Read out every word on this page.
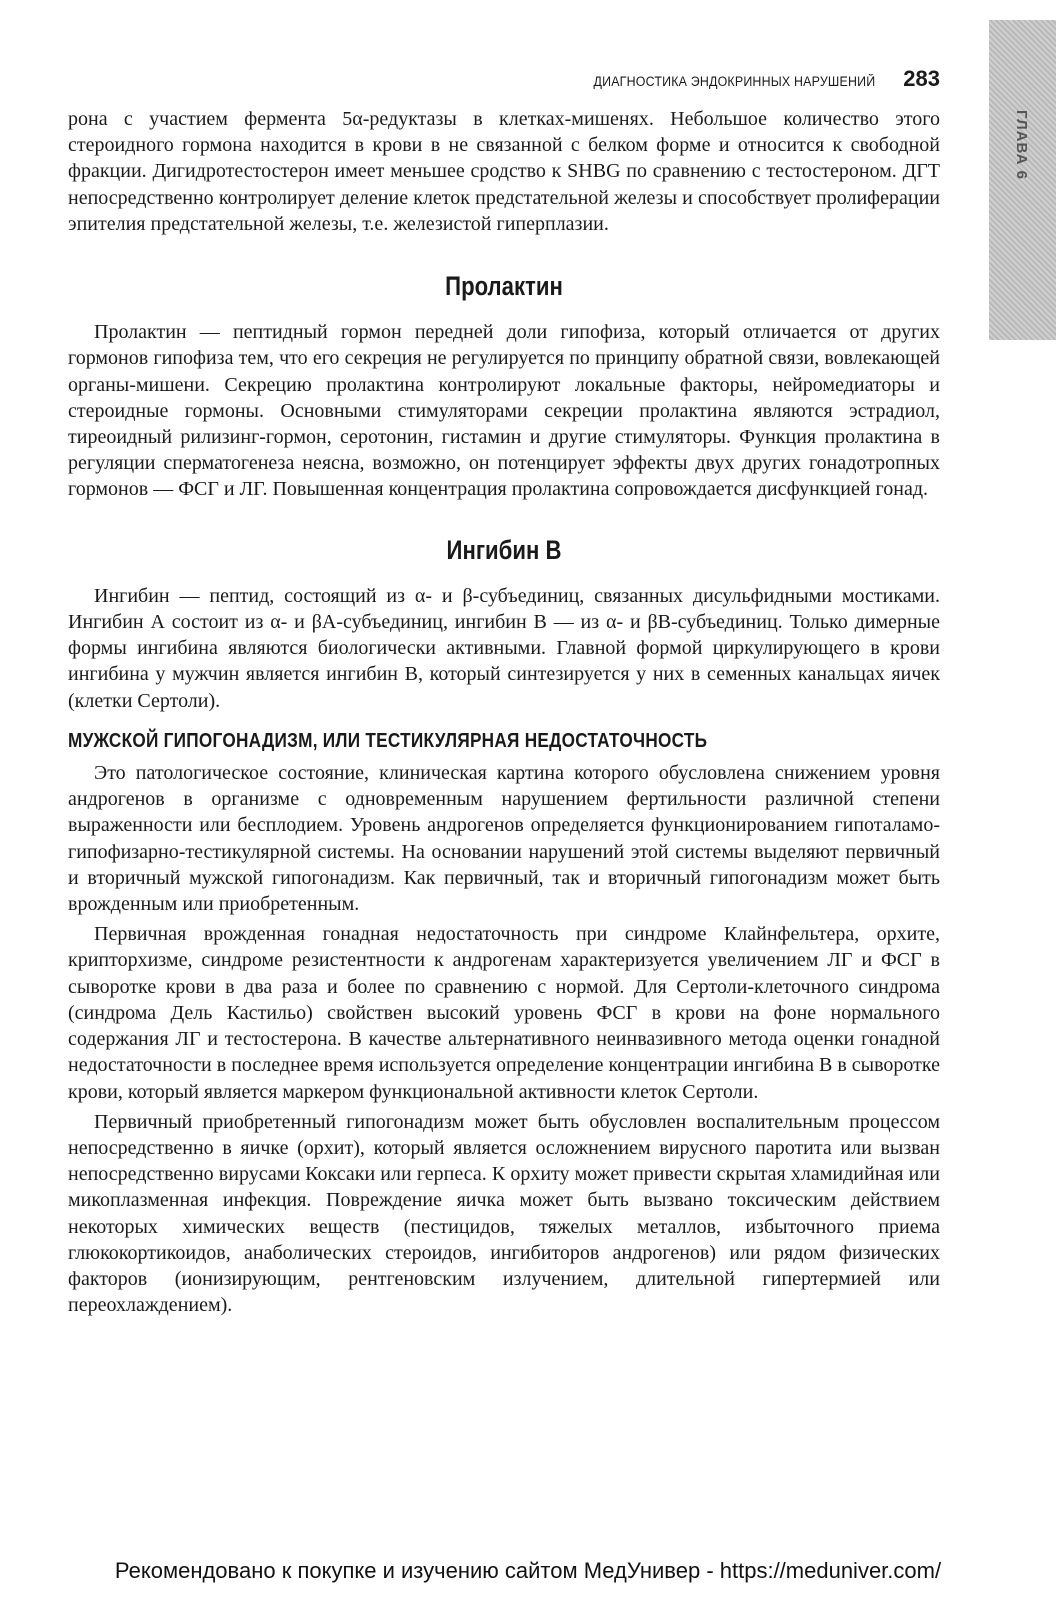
ГЛАВА 6
ДИАГНОСТИКА ЭНДОКРИННЫХ НАРУШЕНИЙ 283

рона с участием фермента 5α-редуктазы в клетках-мишенях. Небольшое количество этого стероидного гормона находится в крови в не связанной с белком форме и относится к свободной фракции. Дигидротестостерон имеет меньшее сродство к SHBG по сравнению с тестостероном. ДГТ непосредственно контролирует деление клеток предстательной железы и способствует пролиферации эпителия предстательной железы, т.е. железистой гиперплазии.

Пролактин

Пролактин — пептидный гормон передней доли гипофиза, который отличается от других гормонов гипофиза тем, что его секреция не регулируется по принципу обратной связи, вовлекающей органы-мишени. Секрецию пролактина контролируют локальные факторы, нейромедиаторы и стероидные гормоны. Основными стимуляторами секреции пролактина являются эстрадиол, тиреоидный рилизинг-гормон, серотонин, гистамин и другие стимуляторы. Функция пролактина в регуляции сперматогенеза неясна, возможно, он потенцирует эффекты двух других гонадотропных гормонов — ФСГ и ЛГ. Повышенная концентрация пролактина сопровождается дисфункцией гонад.

Ингибин В

Ингибин — пептид, состоящий из α- и β-субъединиц, связанных дисульфидными мостиками. Ингибин А состоит из α- и βА-субъединиц, ингибин В — из α- и βВ-субъединиц. Только димерные формы ингибина являются биологически активными. Главной формой циркулирующего в крови ингибина у мужчин является ингибин В, который синтезируется у них в семенных канальцах яичек (клетки Сертоли).

МУЖСКОЙ ГИПОГОНАДИЗМ, ИЛИ ТЕСТИКУЛЯРНАЯ НЕДОСТАТОЧНОСТЬ

Это патологическое состояние, клиническая картина которого обусловлена снижением уровня андрогенов в организме с одновременным нарушением фертильности различной степени выраженности или бесплодием. Уровень андрогенов определяется функционированием гипоталамо-гипофизарно-тестикулярной системы. На основании нарушений этой системы выделяют первичный и вторичный мужской гипогонадизм. Как первичный, так и вторичный гипогонадизм может быть врожденным или приобретенным.

Первичная врожденная гонадная недостаточность при синдроме Клайнфельтера, орхите, крипторхизме, синдроме резистентности к андрогенам характеризуется увеличением ЛГ и ФСГ в сыворотке крови в два раза и более по сравнению с нормой. Для Сертоли-клеточного синдрома (синдрома Дель Кастильо) свойствен высокий уровень ФСГ в крови на фоне нормального содержания ЛГ и тестостерона. В качестве альтернативного неинвазивного метода оценки гонадной недостаточности в последнее время используется определение концентрации ингибина В в сыворотке крови, который является маркером функциональной активности клеток Сертоли.

Первичный приобретенный гипогонадизм может быть обусловлен воспалительным процессом непосредственно в яичке (орхит), который является осложнением вирусного паротита или вызван непосредственно вирусами Коксаки или герпеса. К орхиту может привести скрытая хламидийная или микоплазменная инфекция. Повреждение яичка может быть вызвано токсическим действием некоторых химических веществ (пестицидов, тяжелых металлов, избыточного приема глюкокортикоидов, анаболических стероидов, ингибиторов андрогенов) или рядом физических факторов (ионизирующим, рентгеновским излучением, длительной гипертермией или переохлаждением).

Рекомендовано к покупке и изучению сайтом МедУнивер - https://meduniver.com/
